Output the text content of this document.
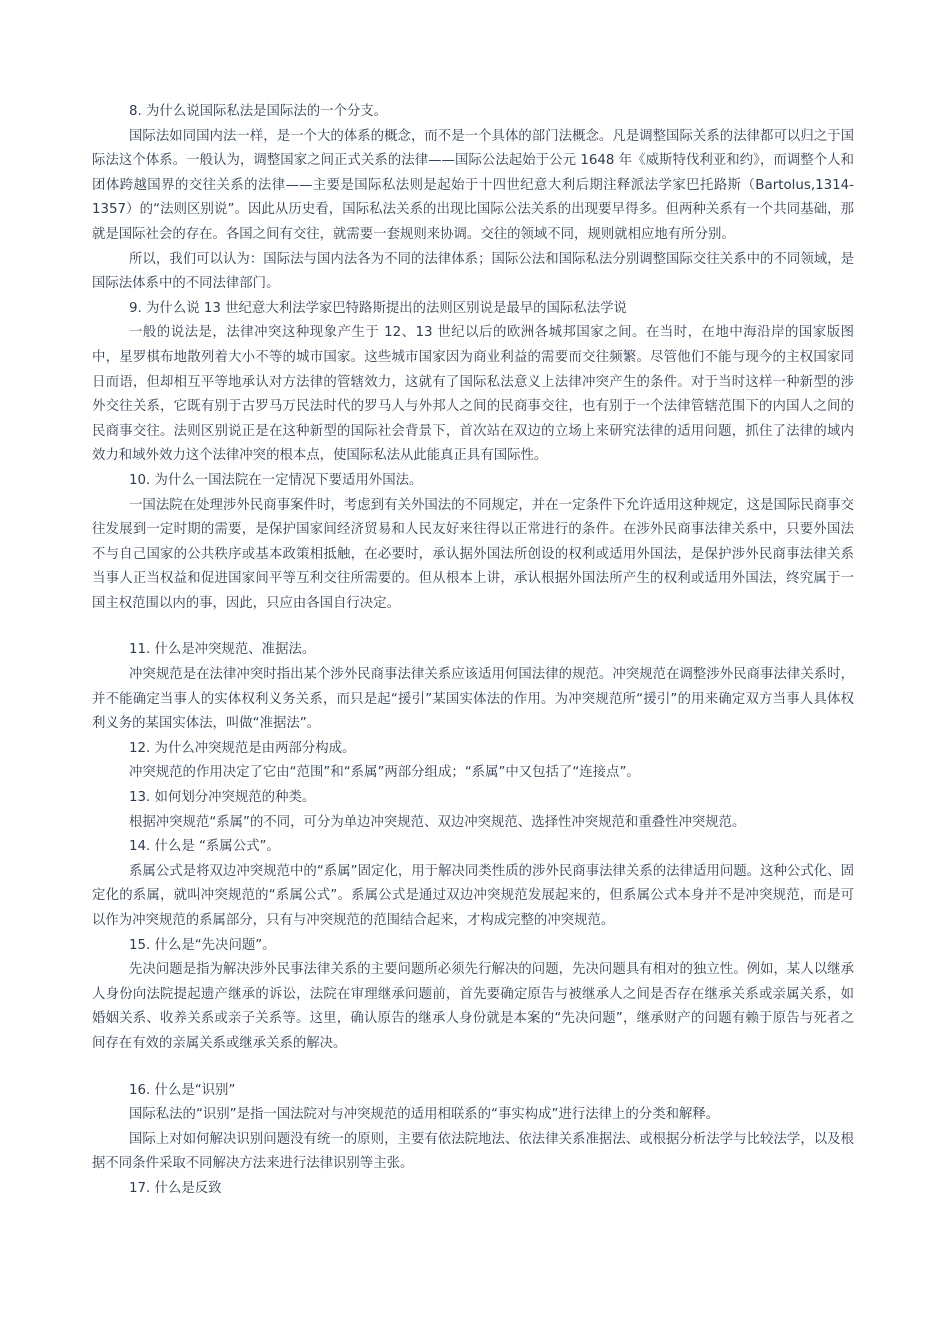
8. 为什么说国际私法是国际法的一个分支。

国际法如同国内法一样，是一个大的体系的概念，而不是一个具体的部门法概念。凡是调整国际关系的法律都可以归之于国际法这个体系。一般认为，调整国家之间正式关系的法律——国际公法起始于公元 1648 年《威斯特伐利亚和约》，而调整个人和团体跨越国界的交往关系的法律——主要是国际私法则是起始于十四世纪意大利后期注释派法学家巴托路斯（Bartolus,1314-1357）的“法则区别说”。因此从历史看，国际私法关系的出现比国际公法关系的出现要早得多。但两种关系有一个共同基础，那就是国际社会的存在。各国之间有交往，就需要一套规则来协调。交往的领域不同，规则就相应地有所分别。

所以，我们可以认为：国际法与国内法各为不同的法律体系；国际公法和国际私法分别调整国际交往关系中的不同领域，是国际法体系中的不同法律部门。

9. 为什么说 13 世纪意大利法学家巴特路斯提出的法则区别说是最早的国际私法学说

一般的说法是，法律冲突这种现象产生于 12、13 世纪以后的欧洲各城邦国家之间。在当时，在地中海沿岸的国家版图中，星罗棋布地散列着大小不等的城市国家。这些城市国家因为商业利益的需要而交往频繁。尽管他们不能与现今的主权国家同日而语，但却相互平等地承认对方法律的管辖效力，这就有了国际私法意义上法律冲突产生的条件。对于当时这样一种新型的涉外交往关系，它既有别于古罗马万民法时代的罗马人与外邦人之间的民商事交往，也有别于一个法律管辖范围下的内国人之间的民商事交往。法则区别说正是在这种新型的国际社会背景下，首次站在双边的立场上来研究法律的适用问题，抓住了法律的域内效力和域外效力这个法律冲突的根本点，使国际私法从此能真正具有国际性。

10. 为什么一国法院在一定情况下要适用外国法。

一国法院在处理涉外民商事案件时，考虑到有关外国法的不同规定，并在一定条件下允许适用这种规定，这是国际民商事交往发展到一定时期的需要，是保护国家间经济贸易和人民友好来往得以正常进行的条件。在涉外民商事法律关系中，只要外国法不与自己国家的公共秩序或基本政策相抵触，在必要时，承认据外国法所创设的权利或适用外国法，是保护涉外民商事法律关系当事人正当权益和促进国家间平等互利交往所需要的。但从根本上讲，承认根据外国法所产生的权利或适用外国法，终究属于一国主权范围以内的事，因此，只应由各国自行决定。

11. 什么是冲突规范、准据法。

冲突规范是在法律冲突时指出某个涉外民商事法律关系应该适用何国法律的规范。冲突规范在调整涉外民商事法律关系时，并不能确定当事人的实体权利义务关系，而只是起“援引”某国实体法的作用。为冲突规范所“援引”的用来确定双方当事人具体权利义务的某国实体法，叫做“准据法”。

12. 为什么冲突规范是由两部分构成。

冲突规范的作用决定了它由“范围”和“系属”两部分组成；“系属”中又包括了“连接点”。

13. 如何划分冲突规范的种类。

根据冲突规范“系属”的不同，可分为单边冲突规范、双边冲突规范、选择性冲突规范和重叠性冲突规范。

14. 什么是 “系属公式”。

系属公式是将双边冲突规范中的“系属”固定化，用于解决同类性质的涉外民商事法律关系的法律适用问题。这种公式化、固定化的系属，就叫冲突规范的“系属公式”。系属公式是通过双边冲突规范发展起来的，但系属公式本身并不是冲突规范，而是可以作为冲突规范的系属部分，只有与冲突规范的范围结合起来，才构成完整的冲突规范。

15. 什么是“先决问题”。

先决问题是指为解决涉外民事法律关系的主要问题所必须先行解决的问题，先决问题具有相对的独立性。例如，某人以继承人身份向法院提起遗产继承的诉讼，法院在审理继承问题前，首先要确定原告与被继承人之间是否存在继承关系或亲属关系，如婚姻关系、收养关系或亲子关系等。这里，确认原告的继承人身份就是本案的“先决问题”，继承财产的问题有赖于原告与死者之间存在有效的亲属关系或继承关系的解决。

16. 什么是“识别”

国际私法的“识别”是指一国法院对与冲突规范的适用相联系的“事实构成”进行法律上的分类和解释。

国际上对如何解决识别问题没有统一的原则，主要有依法院地法、依法律关系准据法、或根据分析法学与比较法学，以及根据不同条件采取不同解决方法来进行法律识别等主张。

17. 什么是反致
